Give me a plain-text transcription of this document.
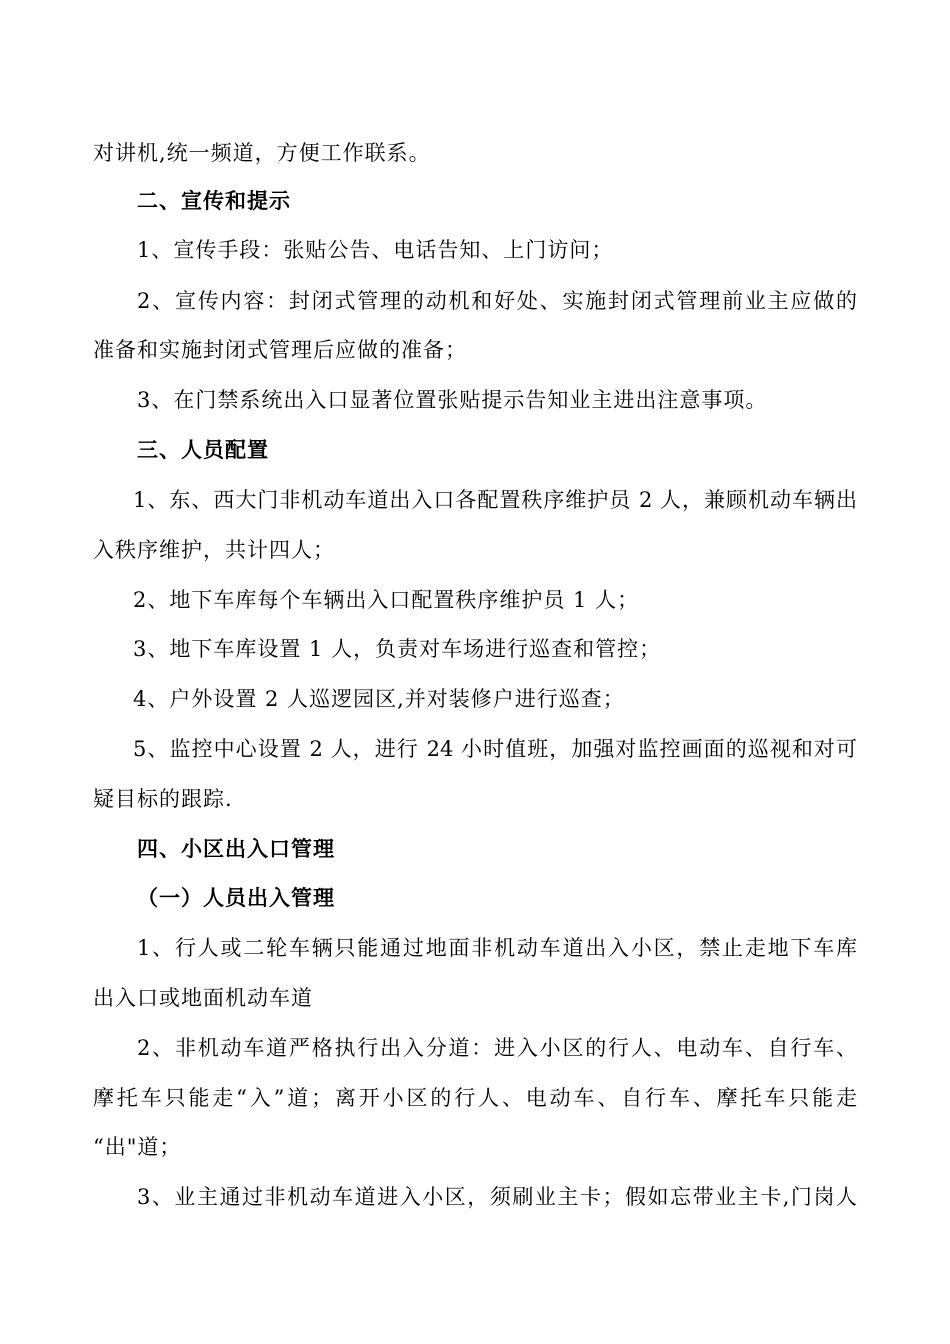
对讲机,统一频道，方便工作联系。
二、宣传和提示
1、宣传手段：张贴公告、电话告知、上门访问；
2、宣传内容：封闭式管理的动机和好处、实施封闭式管理前业主应做的
准备和实施封闭式管理后应做的准备；
3、在门禁系统出入口显著位置张贴提示告知业主进出注意事项。
三、人员配置
1、东、西大门非机动车道出入口各配置秩序维护员 2 人，兼顾机动车辆出
入秩序维护，共计四人；
2、地下车库每个车辆出入口配置秩序维护员 1 人；
3、地下车库设置 1 人，负责对车场进行巡查和管控；
4、户外设置 2 人巡逻园区,并对装修户进行巡查；
5、监控中心设置 2 人，进行 24 小时值班，加强对监控画面的巡视和对可
疑目标的跟踪.
四、小区出入口管理
（一）人员出入管理
1、行人或二轮车辆只能通过地面非机动车道出入小区，禁止走地下车库
出入口或地面机动车道
2、非机动车道严格执行出入分道：进入小区的行人、电动车、自行车、
摩托车只能走“入”道；离开小区的行人、电动车、自行车、摩托车只能走
“出"道；
3、业主通过非机动车道进入小区，须刷业主卡；假如忘带业主卡,门岗人
